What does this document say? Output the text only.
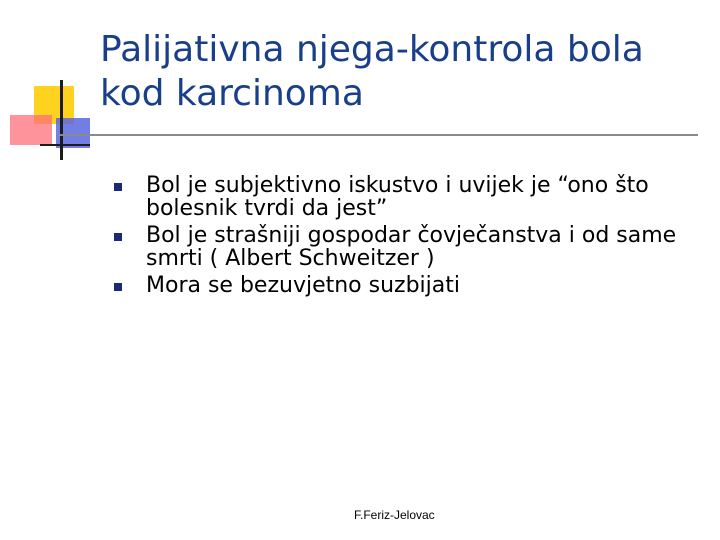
Palijativna njega-kontrola bola kod karcinoma
Bol je subjektivno iskustvo i uvijek je “ono što bolesnik tvrdi da jest”
Bol je strašniji gospodar čovječanstva i od same smrti ( Albert Schweitzer )
Mora se bezuvjetno suzbijati
F.Feriz-Jelovac
